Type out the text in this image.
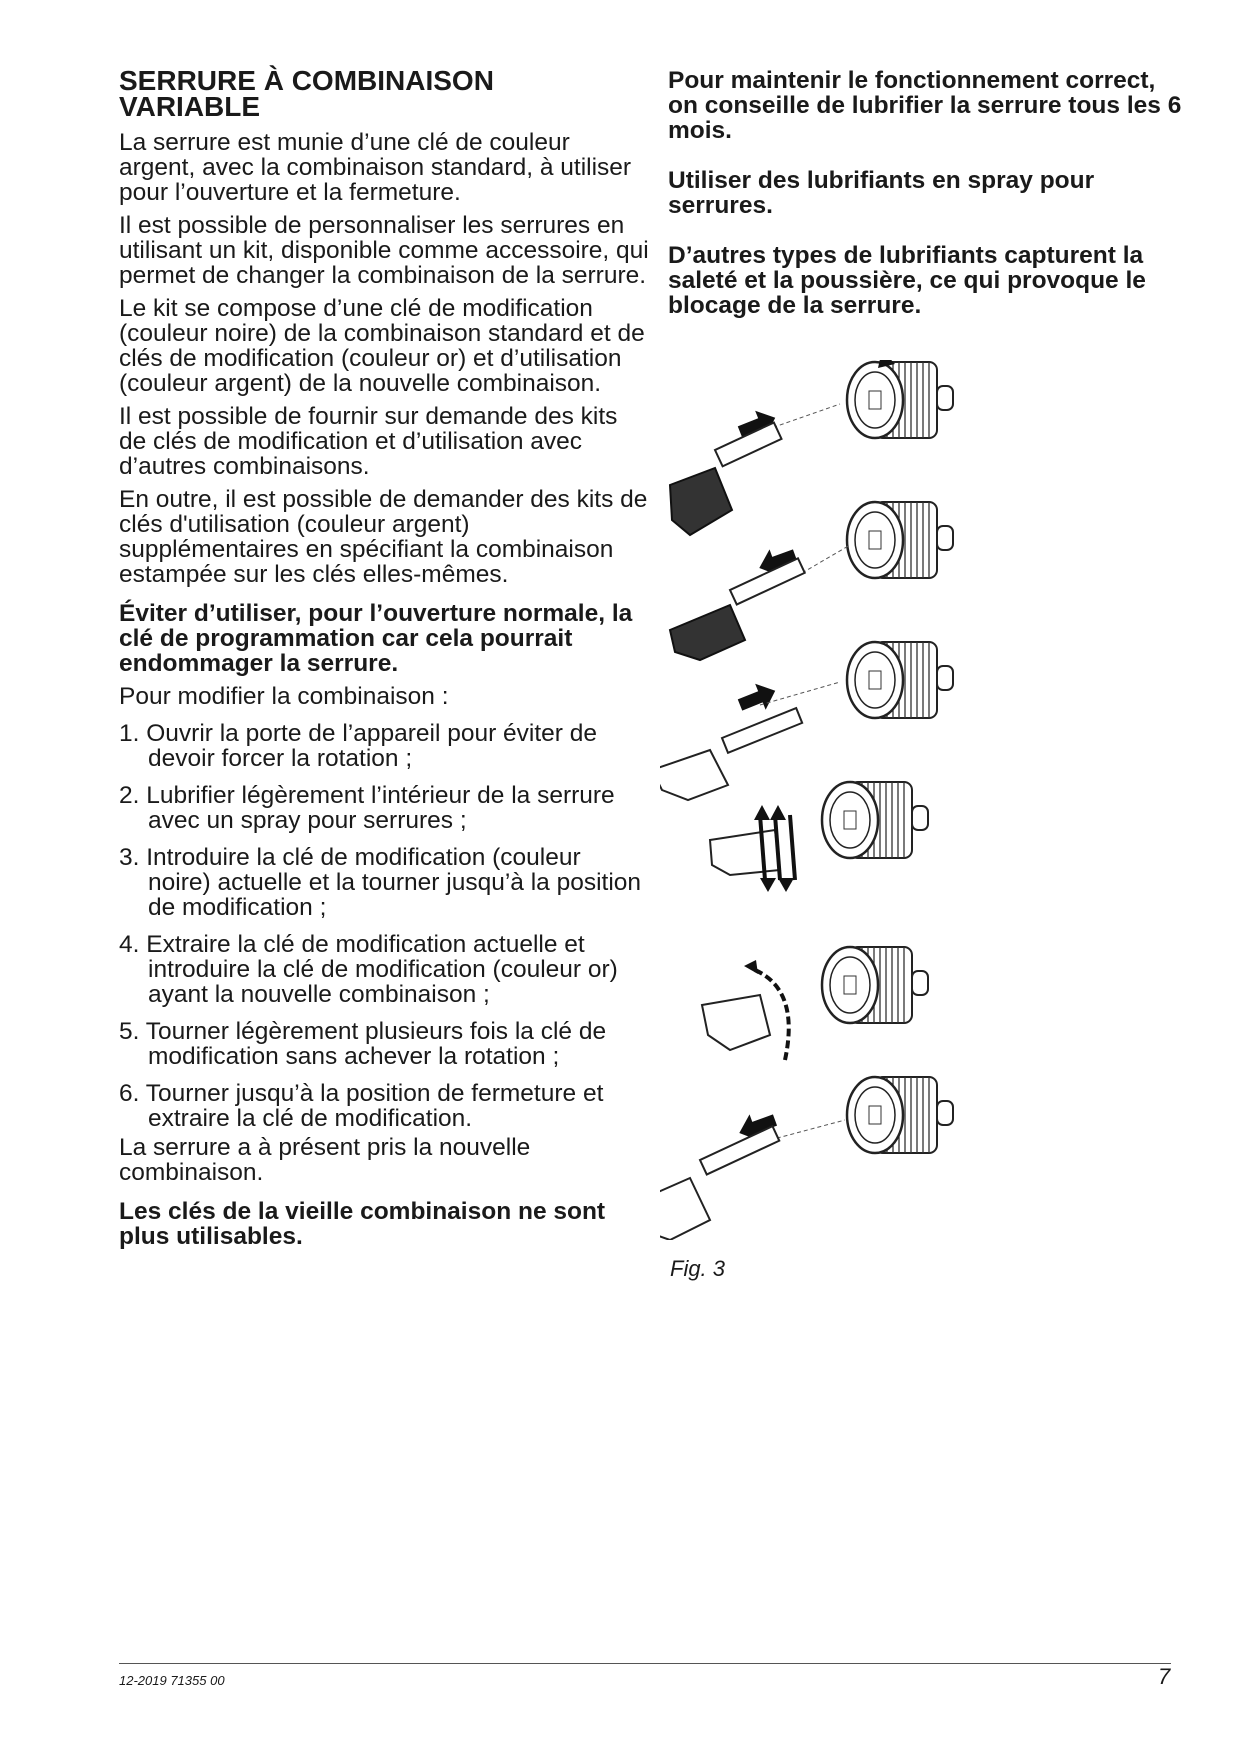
SERRURE À COMBINAISON
VARIABLE

La serrure est munie d’une clé de couleur argent, avec la combinaison standard, à utiliser pour l’ouverture et la fermeture.

Il est possible de personnaliser les serrures en utilisant un kit, disponible comme accessoire, qui permet de changer la combinaison de la serrure.

Le kit se compose d’une clé de modification (couleur noire) de la combinaison standard et de clés de modification (couleur or) et d’utilisation (couleur argent) de la nouvelle combinaison.

Il est possible de fournir sur demande des kits de clés de modification et d’utilisation avec d’autres combinaisons.

En outre, il est possible de demander des kits de clés d'utilisation (couleur argent) supplémentaires en spécifiant la combinaison estampée sur les clés elles-mêmes.

Éviter d’utiliser, pour l’ouverture normale, la clé de programmation car cela pourrait endommager la serrure.

Pour modifier la combinaison :

1. Ouvrir la porte de l’appareil pour éviter de devoir forcer la rotation ;
2. Lubrifier légèrement l’intérieur de la serrure avec un spray pour serrures ;
3. Introduire la clé de modification (couleur noire) actuelle et la tourner jusqu’à la position de modification ;
4. Extraire la clé de modification actuelle et introduire la clé de modification (couleur or) ayant la nouvelle combinaison ;
5. Tourner légèrement plusieurs fois la clé de modification sans achever la rotation ;
6. Tourner jusqu’à la position de fermeture et extraire la clé de modification.

La serrure a à présent pris la nouvelle combinaison.

Les clés de la vieille combinaison ne sont plus utilisables.

Pour maintenir le fonctionnement correct, on conseille de lubrifier la serrure tous les 6 mois.

Utiliser des lubrifiants en spray pour serrures.

D’autres types de lubrifiants capturent la saleté et la poussière, ce qui provoque le blocage de la serrure.

Fig. 3
12-2019 71355 00	7
